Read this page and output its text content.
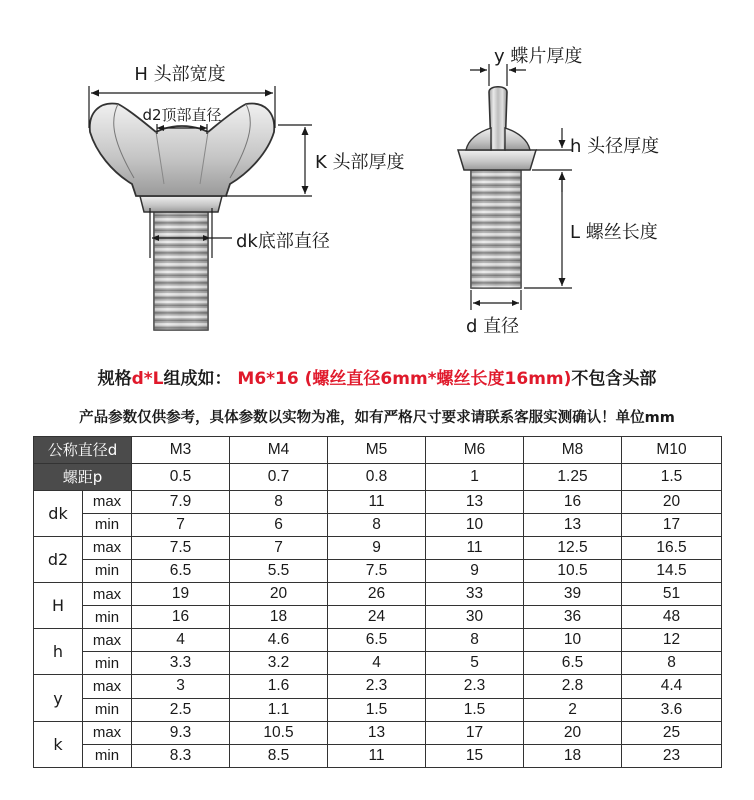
H 头部宽度
d2顶部直径
K 头部厚度
dk底部直径
y 蝶片厚度
h 头径厚度
L 螺丝长度
d 直径
规格d*L组成如： M6*16 (螺丝直径6mm*螺丝长度16mm)不包含头部
产品参数仅供参考，具体参数以实物为准，如有严格尺寸要求请联系客服实测确认！单位mm
公称直径d		M3	M4	M5	M6	M8	M10
螺距p		0.5	0.7	0.8	1	1.25	1.5
dk	max	7.9	8	11	13	16	20
	min	7	6	8	10	13	17
d2	max	7.5	7	9	11	12.5	16.5
	min	6.5	5.5	7.5	9	10.5	14.5
H	max	19	20	26	33	39	51
	min	16	18	24	30	36	48
h	max	4	4.6	6.5	8	10	12
	min	3.3	3.2	4	5	6.5	8
y	max	3	1.6	2.3	2.3	2.8	4.4
	min	2.5	1.1	1.5	1.5	2	3.6
k	max	9.3	10.5	13	17	20	25
	min	8.3	8.5	11	15	18	23
